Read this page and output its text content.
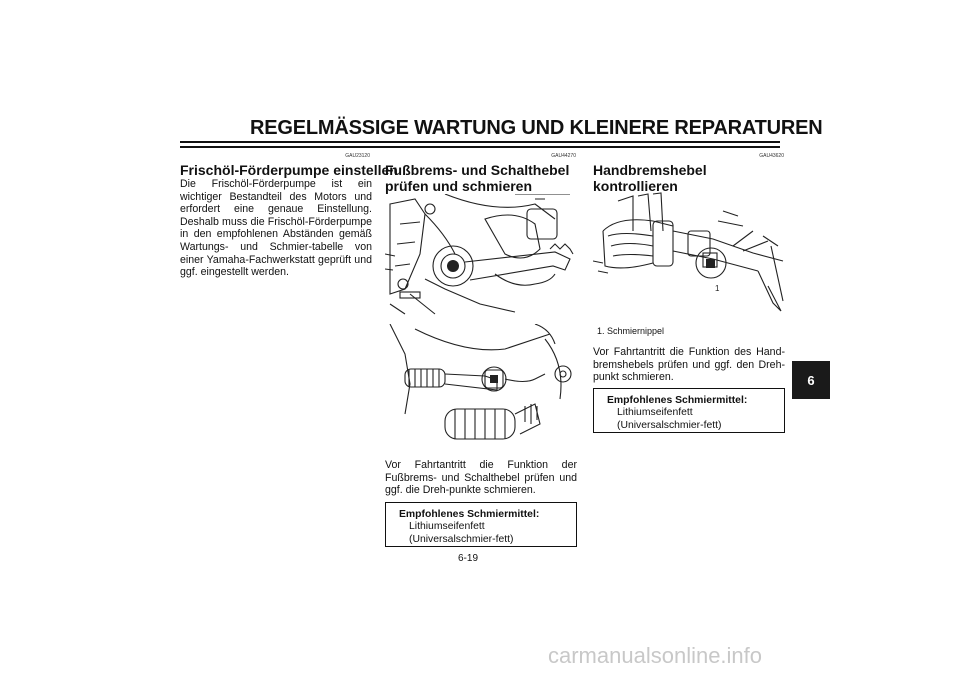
REGELMÄSSIGE WARTUNG UND KLEINERE REPARATUREN
GAU23120
Frischöl-Förderpumpe einstellen
Die Frischöl-Förderpumpe ist ein wichtiger Bestandteil des Motors und erfordert eine genaue Einstellung. Deshalb muss die Frischöl-Förderpumpe in den empfohlenen Abständen gemäß Wartungs- und Schmier-tabelle von einer Yamaha-Fachwerkstatt geprüft und ggf. eingestellt werden.
GAU44270
Fußbrems- und Schalthebel
prüfen und schmieren
Vor Fahrtantritt die Funktion der Fußbrems- und Schalthebel prüfen und ggf. die Dreh-punkte schmieren.
Empfohlenes Schmiermittel:
Lithiumseifenfett (Universalschmier-fett)
GAU43620
Handbremshebel kontrollieren
und schmieren
1
1. Schmiernippel
Vor Fahrtantritt die Funktion des Hand-bremshebels prüfen und ggf. den Dreh-punkt schmieren.
Empfohlenes Schmiermittel:
Lithiumseifenfett (Universalschmier-fett)
6-19
6
carmanualsonline.info
